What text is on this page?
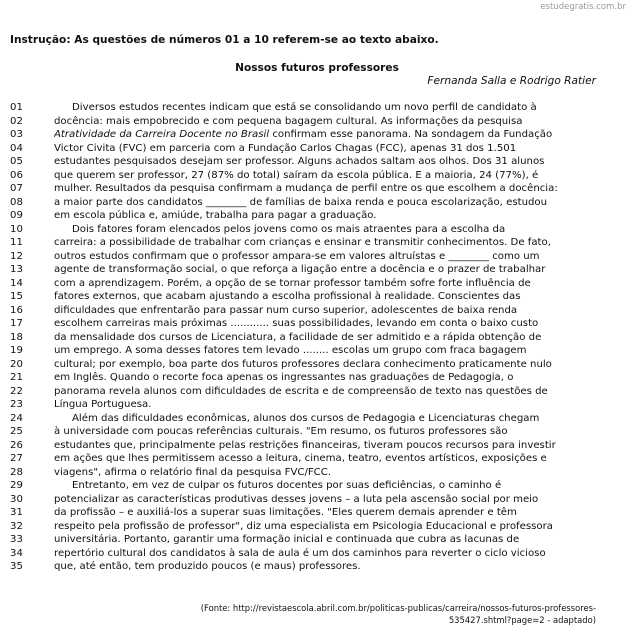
estudegratis.com.br
Instrução: As questões de números 01 a 10 referem-se ao texto abaixo.
Nossos futuros professores
Fernanda Salla e Rodrigo Ratier
01	Diversos estudos recentes indicam que está se consolidando um novo perfil de candidato à
02	docência: mais empobrecido e com pequena bagagem cultural. As informações da pesquisa
03	Atratividade da Carreira Docente no Brasil confirmam esse panorama. Na sondagem da Fundação
04	Victor Civita (FVC) em parceria com a Fundação Carlos Chagas (FCC), apenas 31 dos 1.501
05	estudantes pesquisados desejam ser professor. Alguns achados saltam aos olhos. Dos 31 alunos
06	que querem ser professor, 27 (87% do total) saíram da escola pública. E a maioria, 24 (77%), é
07	mulher. Resultados da pesquisa confirmam a mudança de perfil entre os que escolhem a docência:
08	a maior parte dos candidatos ________ de famílias de baixa renda e pouca escolarização, estudou
09	em escola pública e, amiúde, trabalha para pagar a graduação.
10	Dois fatores foram elencados pelos jovens como os mais atraentes para a escolha da
11	carreira: a possibilidade de trabalhar com crianças e ensinar e transmitir conhecimentos. De fato,
12	outros estudos confirmam que o professor ampara-se em valores altruístas e ________ como um
13	agente de transformação social, o que reforça a ligação entre a docência e o prazer de trabalhar
14	com a aprendizagem. Porém, a opção de se tornar professor também sofre forte influência de
15	fatores externos, que acabam ajustando a escolha profissional à realidade. Conscientes das
16	dificuldades que enfrentarão para passar num curso superior, adolescentes de baixa renda
17	escolhem carreiras mais próximas ............ suas possibilidades, levando em conta o baixo custo
18	da mensalidade dos cursos de Licenciatura, a facilidade de ser admitido e a rápida obtenção de
19	um emprego. A soma desses fatores tem levado ........ escolas um grupo com fraca bagagem
20	cultural; por exemplo, boa parte dos futuros professores declara conhecimento praticamente nulo
21	em Inglês. Quando o recorte foca apenas os ingressantes nas graduações de Pedagogia, o
22	panorama revela alunos com dificuldades de escrita e de compreensão de texto nas questões de
23	Língua Portuguesa.
24	Além das dificuldades econômicas, alunos dos cursos de Pedagogia e Licenciaturas chegam
25	à universidade com poucas referências culturais. "Em resumo, os futuros professores são
26	estudantes que, principalmente pelas restrições financeiras, tiveram poucos recursos para investir
27	em ações que lhes permitissem acesso a leitura, cinema, teatro, eventos artísticos, exposições e
28	viagens", afirma o relatório final da pesquisa FVC/FCC.
29	Entretanto, em vez de culpar os futuros docentes por suas deficiências, o caminho é
30	potencializar as características produtivas desses jovens – a luta pela ascensão social por meio
31	da profissão – e auxiliá-los a superar suas limitações. "Eles querem demais aprender e têm
32	respeito pela profissão de professor", diz uma especialista em Psicologia Educacional e professora
33	universitária. Portanto, garantir uma formação inicial e continuada que cubra as lacunas de
34	repertório cultural dos candidatos à sala de aula é um dos caminhos para reverter o ciclo vicioso
35	que, até então, tem produzido poucos (e maus) professores.
(Fonte: http://revistaescola.abril.com.br/politicas-publicas/carreira/nossos-futuros-professores-
535427.shtml?page=2 - adaptado)
